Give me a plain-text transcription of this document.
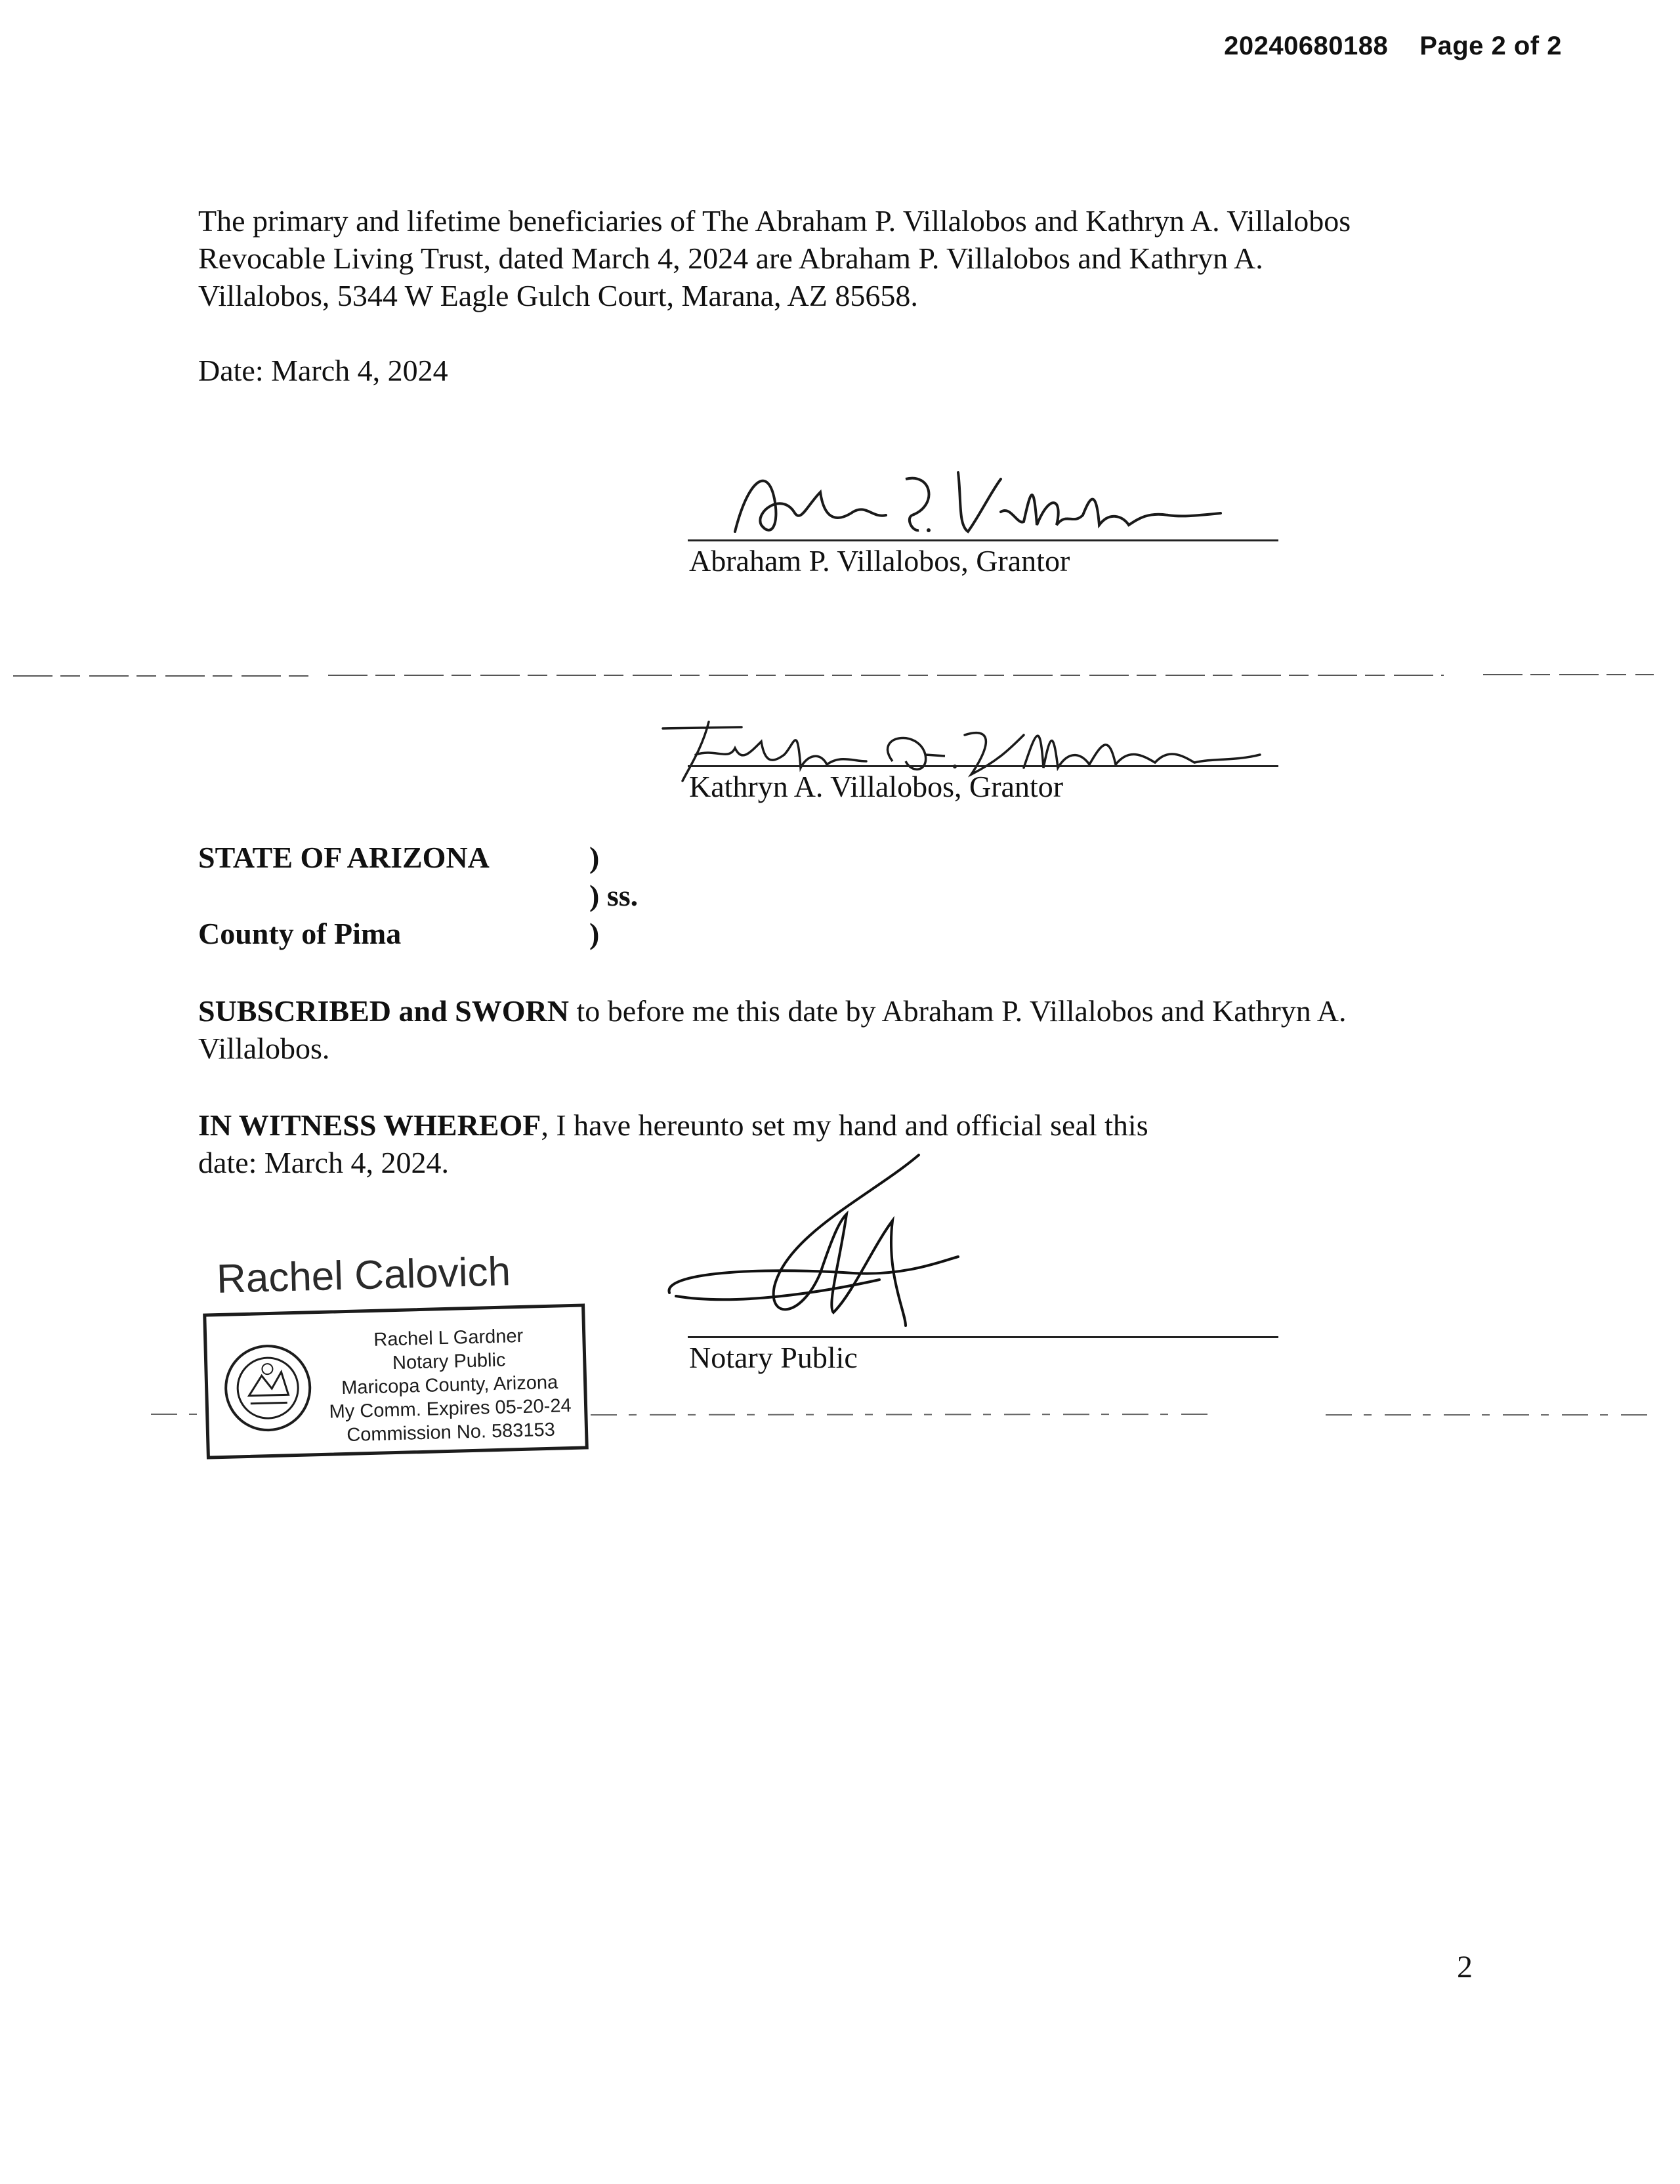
20240680188 Page 2 of 2
The primary and lifetime beneficiaries of The Abraham P. Villalobos and Kathryn A. Villalobos
Revocable Living Trust, dated March 4, 2024 are Abraham P. Villalobos and Kathryn A.
Villalobos, 5344 W Eagle Gulch Court, Marana, AZ 85658.
Date: March 4, 2024
Abraham P. Villalobos, Grantor
Kathryn A. Villalobos, Grantor
STATE OF ARIZONA	)
) ss.
County of Pima	)
SUBSCRIBED and SWORN to before me this date by Abraham P. Villalobos and Kathryn A.
Villalobos.
IN WITNESS WHEREOF, I have hereunto set my hand and official seal this
date: March 4, 2024.
Notary Public
Rachel Calovich
Rachel L Gardner
Notary Public
Maricopa County, Arizona
My Comm. Expires 05-20-24
Commission No. 583153
2
